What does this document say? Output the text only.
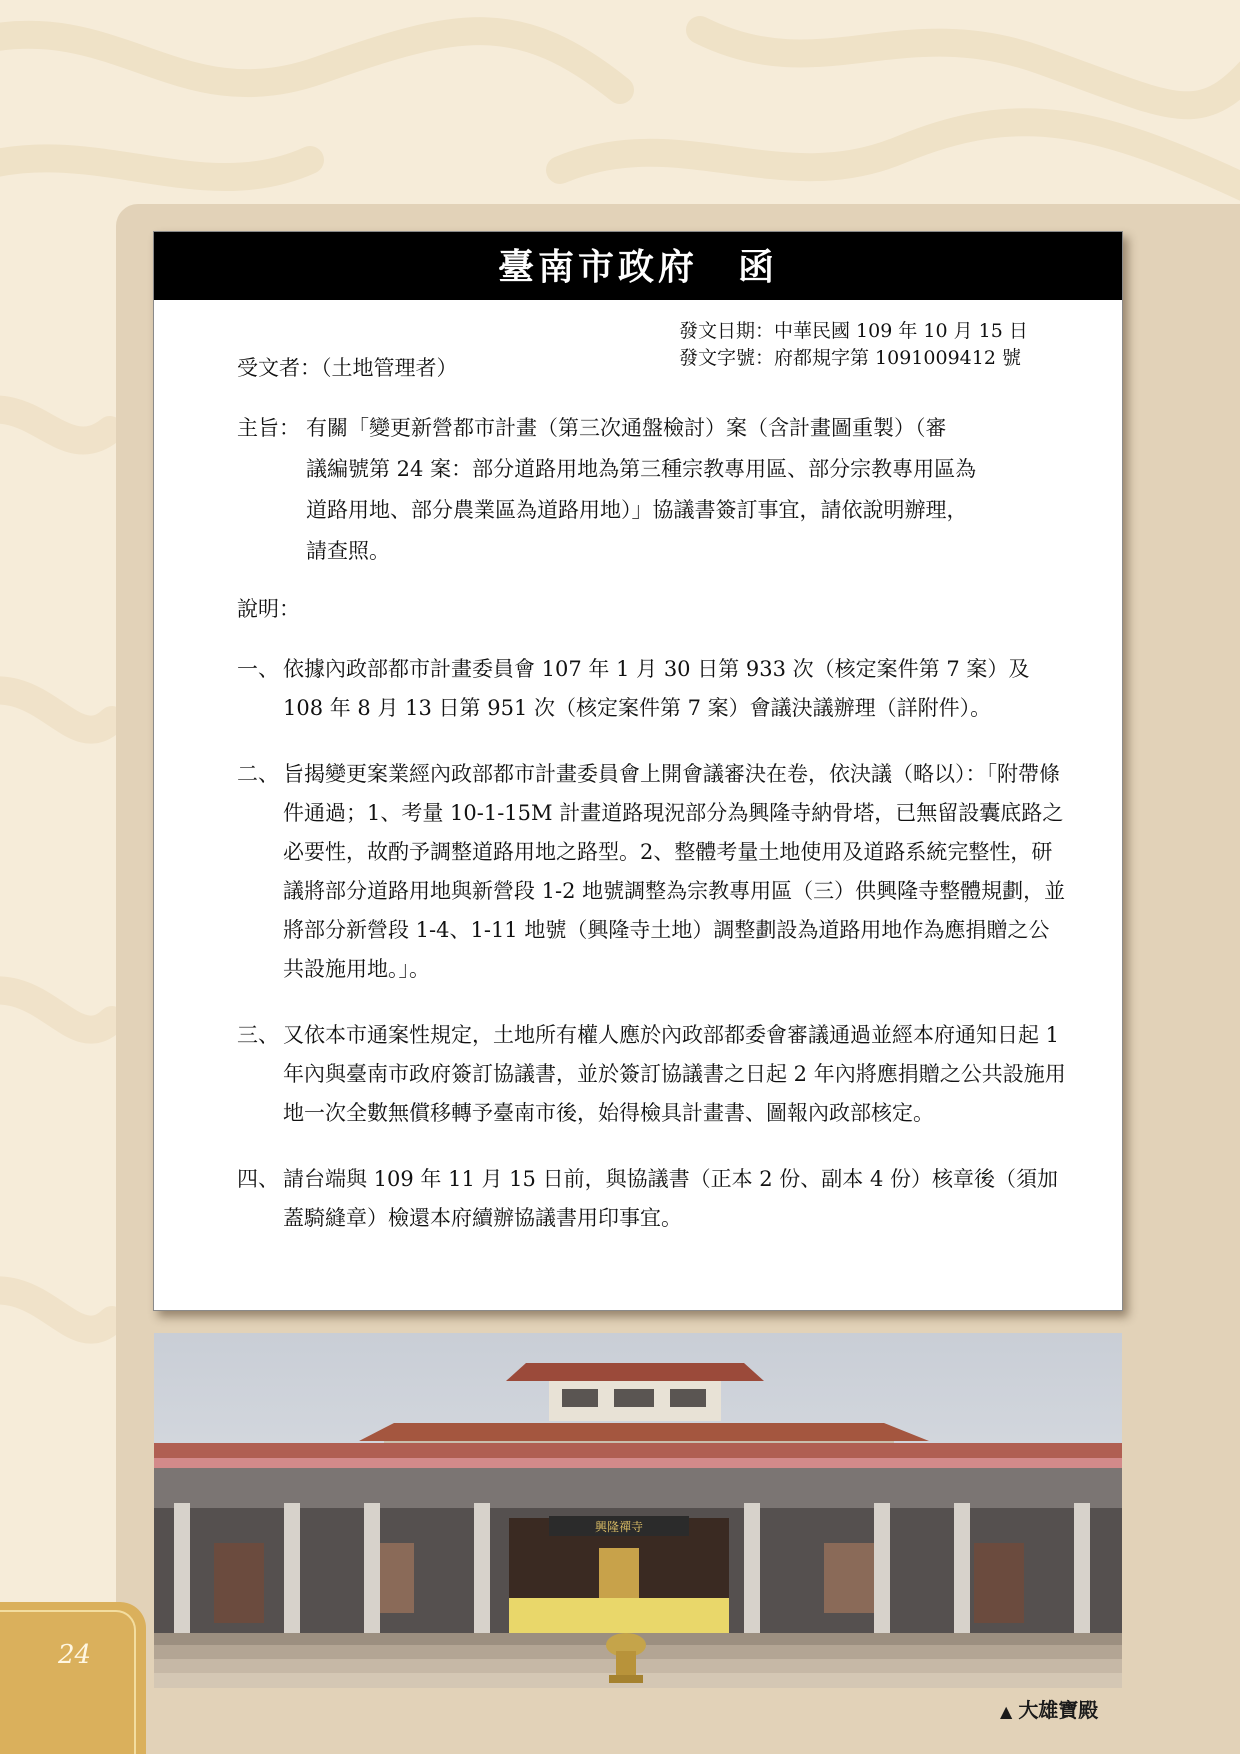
24
臺南市政府　函
發文日期：中華民國 109 年 10 月 15 日
發文字號：府都規字第 1091009412 號
受文者：（土地管理者）
主旨： 有關「變更新營都市計畫（第三次通盤檢討）案（含計畫圖重製）（審
議編號第 24 案：部分道路用地為第三種宗教專用區、部分宗教專用區為
道路用地、部分農業區為道路用地）」協議書簽訂事宜，請依說明辦理，
請查照。
說明：
一、 依據內政部都市計畫委員會 107 年 1 月 30 日第 933 次（核定案件第 7 案）及 108 年 8 月 13 日第 951 次（核定案件第 7 案）會議決議辦理（詳附件）。
二、 旨揭變更案業經內政部都市計畫委員會上開會議審決在卷，依決議（略以）：「附帶條件通過；1、考量 10-1-15M 計畫道路現況部分為興隆寺納骨塔，已無留設囊底路之必要性，故酌予調整道路用地之路型。2、整體考量土地使用及道路系統完整性，研議將部分道路用地與新營段 1-2 地號調整為宗教專用區（三）供興隆寺整體規劃，並將部分新營段 1-4、1-11 地號（興隆寺土地）調整劃設為道路用地作為應捐贈之公共設施用地。」。
三、 又依本市通案性規定，土地所有權人應於內政部都委會審議通過並經本府通知日起 1 年內與臺南市政府簽訂協議書，並於簽訂協議書之日起 2 年內將應捐贈之公共設施用地一次全數無償移轉予臺南市後，始得檢具計畫書、圖報內政部核定。
四、 請台端與 109 年 11 月 15 日前，與協議書（正本 2 份、副本 4 份）核章後（須加蓋騎縫章）檢還本府續辦協議書用印事宜。
興隆禪寺
▲ 大雄寶殿
